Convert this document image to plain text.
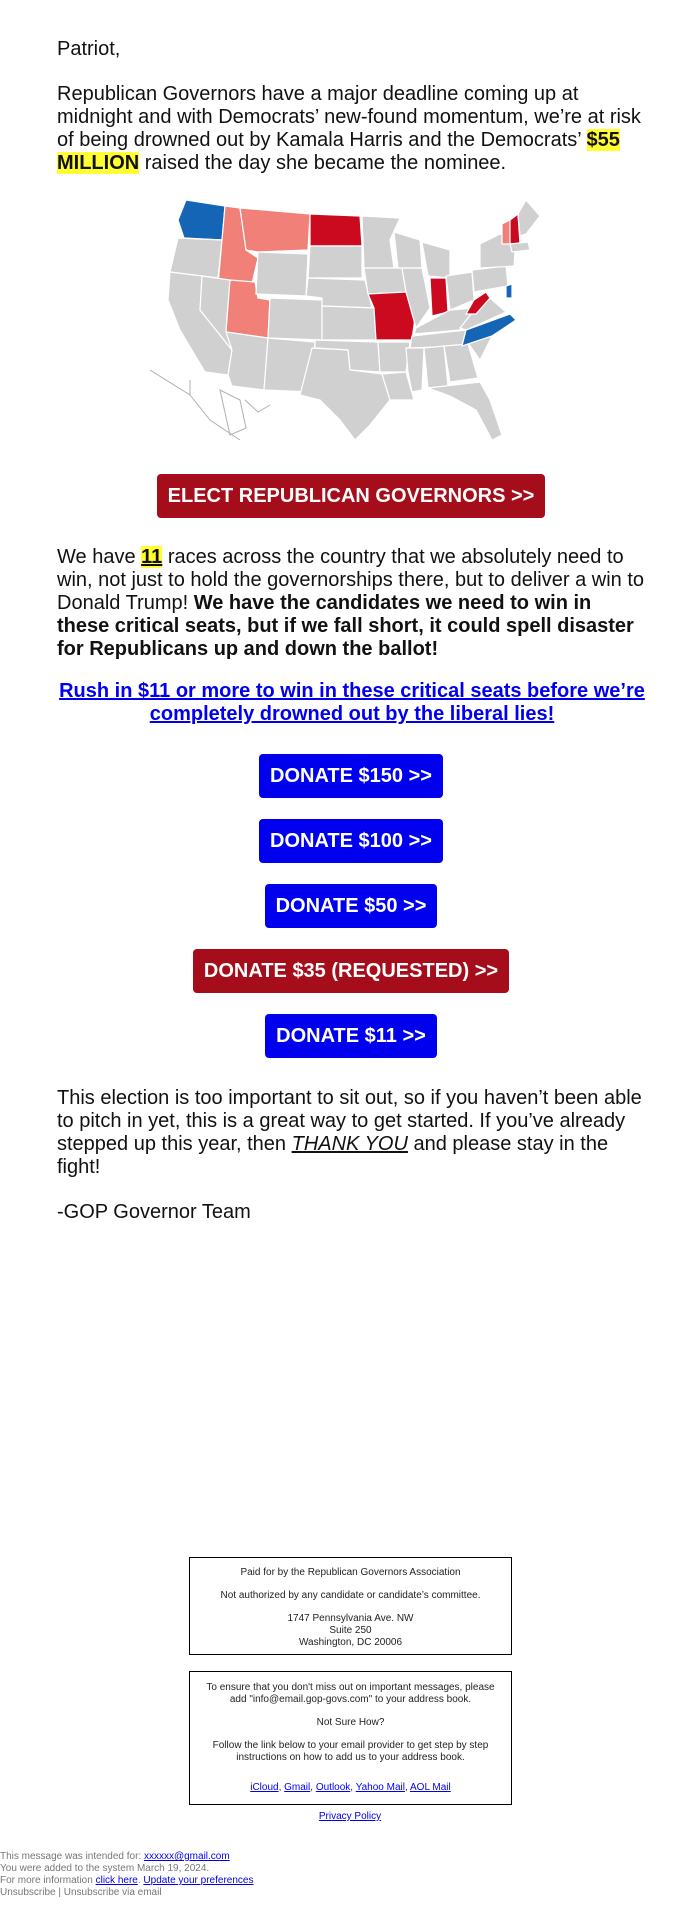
Patriot,

Republican Governors have a major deadline coming up at midnight and with Democrats’ new-found momentum, we’re at risk of being drowned out by Kamala Harris and the Democrats’ $55 MILLION raised the day she became the nominee.

ELECT REPUBLICAN GOVERNORS >>

We have 11 races across the country that we absolutely need to win, not just to hold the governorships there, but to deliver a win to Donald Trump! We have the candidates we need to win in these critical seats, but if we fall short, it could spell disaster for Republicans up and down the ballot!

Rush in $11 or more to win in these critical seats before we’re completely drowned out by the liberal lies!
DONATE $150 >>
DONATE $100 >>
DONATE $50 >>
DONATE $35 (REQUESTED) >>
DONATE $11 >>

This election is too important to sit out, so if you haven’t been able to pitch in yet, this is a great way to get started. If you’ve already stepped up this year, then THANK YOU and please stay in the fight!

-GOP Governor Team

Paid for by the Republican Governors Association

Not authorized by any candidate or candidate’s committee.

1747 Pennsylvania Ave. NW

Suite 250

Washington, DC 20006

To ensure that you don't miss out on important messages, please add "info@email.gop-govs.com" to your address book.

Not Sure How?

Follow the link below to your email provider to get step by step instructions on how to add us to your address book.

iCloud, Gmail, Outlook, Yahoo Mail, AOL Mail

Privacy Policy
This message was intended for: xxxxxx@gmail.com
You were added to the system March 19, 2024.
For more information click here. Update your preferences
Unsubscribe | Unsubscribe via email
